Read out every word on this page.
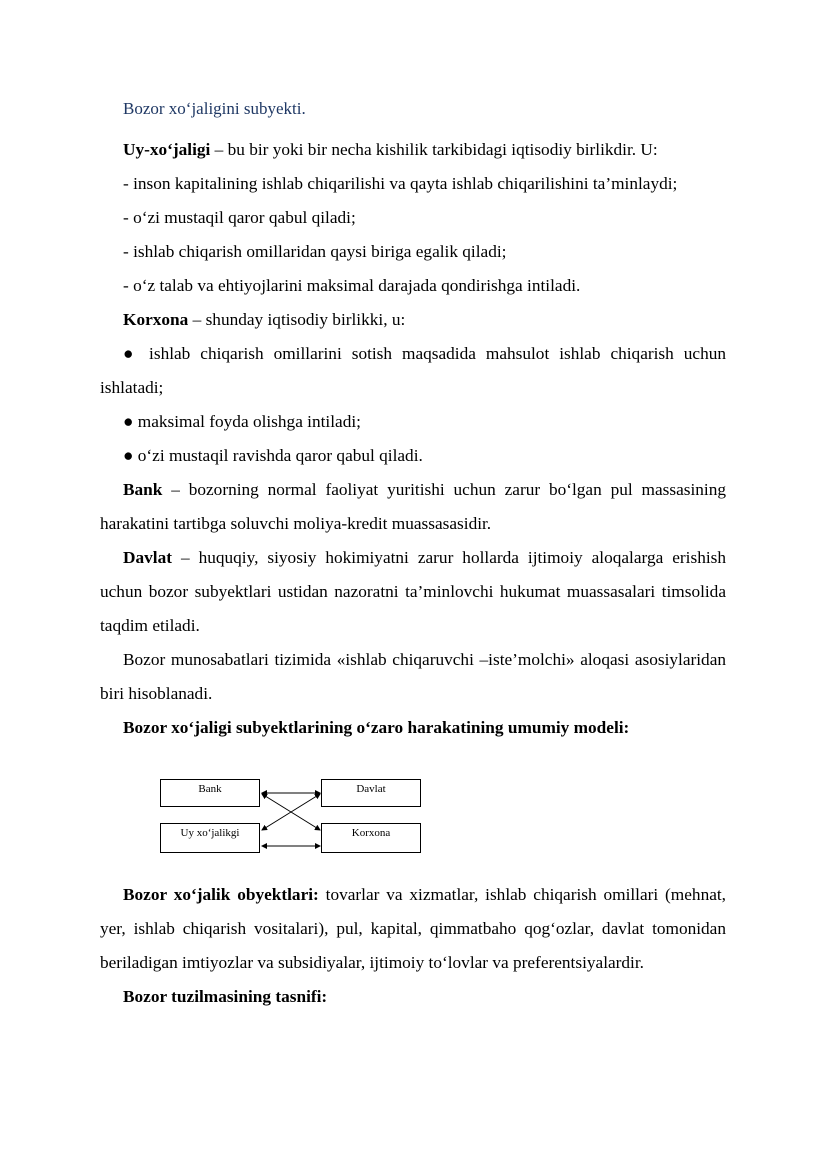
Bozor xo‘jaligini subyekti.

Uy-xo‘jaligi – bu bir yoki bir necha kishilik tarkibidagi iqtisodiy birlikdir. U:

- inson kapitalining ishlab chiqarilishi va qayta ishlab chiqarilishini ta’minlaydi;

- o‘zi mustaqil qaror qabul qiladi;

- ishlab chiqarish omillaridan qaysi biriga egalik qiladi;

- o‘z talab va ehtiyojlarini maksimal darajada qondirishga intiladi.

Korxona – shunday iqtisodiy birlikki, u:

● ishlab chiqarish omillarini sotish maqsadida mahsulot ishlab chiqarish uchun ishlatadi;

● maksimal foyda olishga intiladi;

● o‘zi mustaqil ravishda qaror qabul qiladi.

Bank – bozorning normal faoliyat yuritishi uchun zarur bo‘lgan pul massasining harakatini tartibga soluvchi moliya-kredit muassasasidir.

Davlat – huquqiy, siyosiy hokimiyatni zarur hollarda ijtimoiy aloqalarga erishish uchun bozor subyektlari ustidan nazoratni ta’minlovchi hukumat muassasalari timsolida taqdim etiladi.

Bozor munosabatlari tizimida «ishlab chiqaruvchi –iste’molchi» aloqasi asosiylaridan biri hisoblanadi.

Bozor xo‘jaligi subyektlarining o‘zaro harakatining umumiy modeli:

Bozor xo‘jalik obyektlari: tovarlar va xizmatlar, ishlab chiqarish omillari (mehnat, yer, ishlab chiqarish vositalari), pul, kapital, qimmatbaho qog‘ozlar, davlat tomonidan beriladigan imtiyozlar va subsidiyalar, ijtimoiy to‘lovlar va preferentsiyalardir.

Bozor tuzilmasining tasnifi:

Bank	Davlat
Uy xo‘jalikgi	Korxona
